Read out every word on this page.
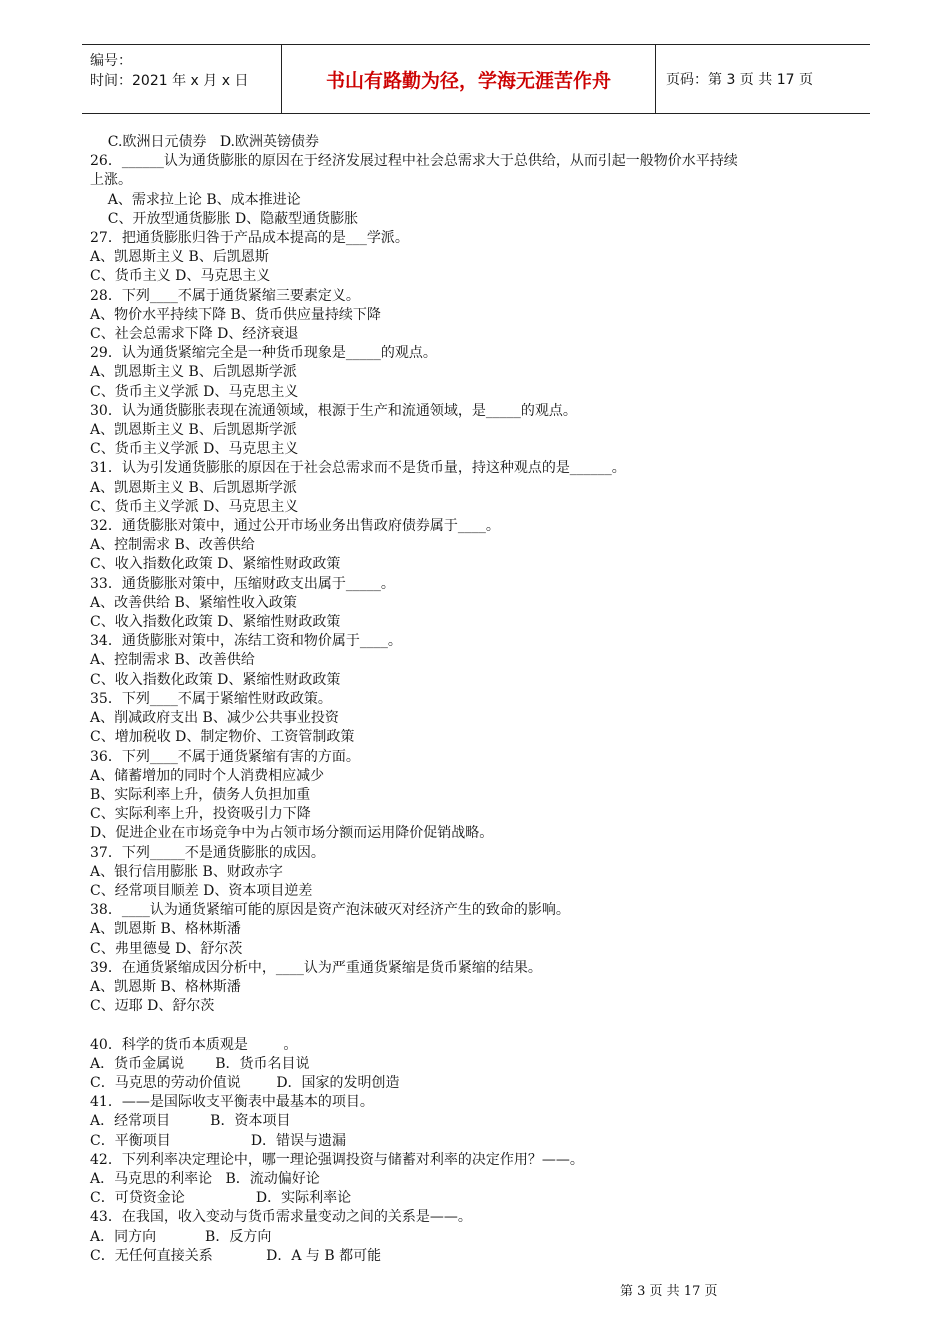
编号：
时间：2021 年 x 月 x 日	书山有路勤为径，学海无涯苦作舟	页码：第 3 页 共 17 页
C.欧洲日元债券   D.欧洲英镑债券
26．______认为通货膨胀的原因在于经济发展过程中社会总需求大于总供给，从而引起一般物价水平持续
上涨。
A、需求拉上论 B、成本推进论
C、开放型通货膨胀 D、隐蔽型通货膨胀
27．把通货膨胀归咎于产品成本提高的是___学派。
A、凯恩斯主义 B、后凯恩斯
C、货币主义 D、马克思主义
28．下列____不属于通货紧缩三要素定义。
A、物价水平持续下降 B、货币供应量持续下降
C、社会总需求下降 D、经济衰退
29．认为通货紧缩完全是一种货币现象是_____的观点。
A、凯恩斯主义 B、后凯恩斯学派
C、货币主义学派 D、马克思主义
30．认为通货膨胀表现在流通领域，根源于生产和流通领域，是_____的观点。
A、凯恩斯主义 B、后凯恩斯学派
C、货币主义学派 D、马克思主义
31．认为引发通货膨胀的原因在于社会总需求而不是货币量，持这种观点的是______。
A、凯恩斯主义 B、后凯恩斯学派
C、货币主义学派 D、马克思主义
32．通货膨胀对策中，通过公开市场业务出售政府债券属于____。
A、控制需求 B、改善供给
C、收入指数化政策 D、紧缩性财政政策
33．通货膨胀对策中，压缩财政支出属于_____。
A、改善供给 B、紧缩性收入政策
C、收入指数化政策 D、紧缩性财政政策
34．通货膨胀对策中，冻结工资和物价属于____。
A、控制需求 B、改善供给
C、收入指数化政策 D、紧缩性财政政策
35．下列____不属于紧缩性财政政策。
A、削减政府支出 B、减少公共事业投资
C、增加税收 D、制定物价、工资管制政策
36．下列____不属于通货紧缩有害的方面。
A、储蓄增加的同时个人消费相应减少
B、实际利率上升，债务人负担加重
C、实际利率上升，投资吸引力下降
D、促进企业在市场竞争中为占领市场分额而运用降价促销战略。
37．下列_____不是通货膨胀的成因。
A、银行信用膨胀 B、财政赤字
C、经常项目顺差 D、资本项目逆差
38．____认为通货紧缩可能的原因是资产泡沫破灭对经济产生的致命的影响。
A、凯恩斯 B、格林斯潘
C、弗里德曼 D、舒尔茨
39．在通货紧缩成因分析中，____认为严重通货紧缩是货币紧缩的结果。
A、凯恩斯 B、格林斯潘
C、迈耶 D、舒尔茨

40．科学的货币本质观是        。
A．货币金属说       B．货币名目说
C．马克思的劳动价值说        D．国家的发明创造
41．——是国际收支平衡表中最基本的项目。
A．经常项目         B．资本项目
C．平衡项目                  D．错误与遗漏
42．下列利率决定理论中，哪一理论强调投资与储蓄对利率的决定作用？——。
A．马克思的利率论   B．流动偏好论
C．可贷资金论                D．实际利率论
43．在我国，收入变动与货币需求量变动之间的关系是——。
A．同方向           B．反方向
C．无任何直接关系            D．A 与 B 都可能
第 3 页 共 17 页
